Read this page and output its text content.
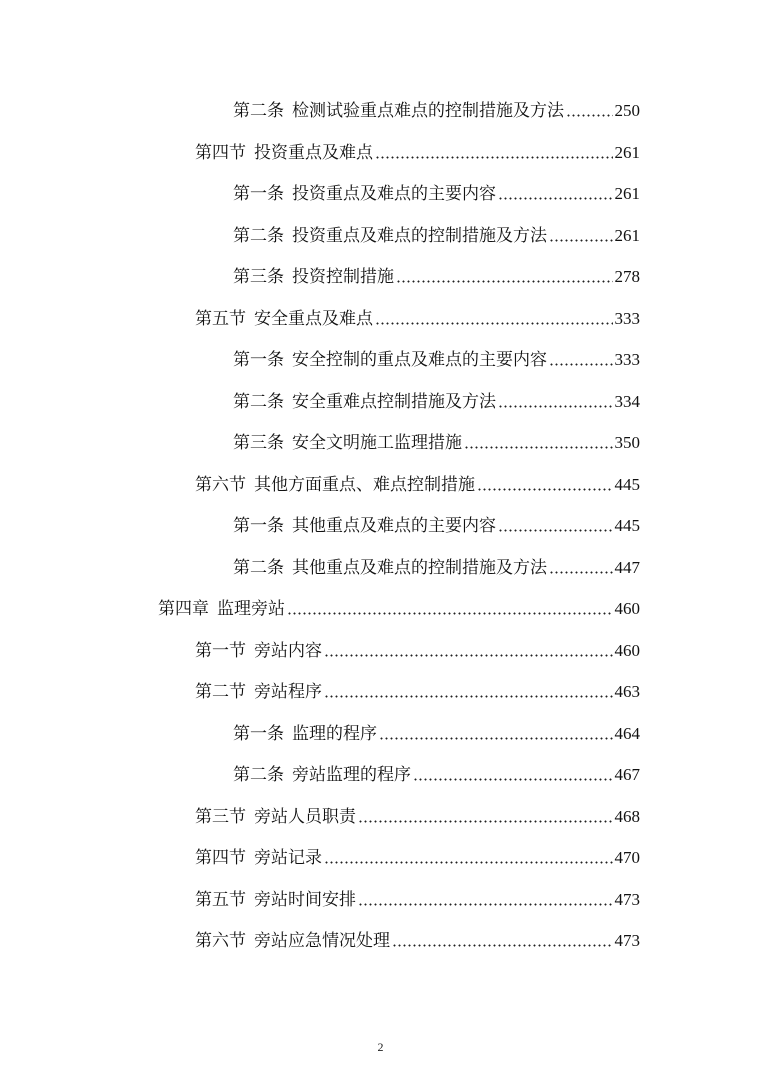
第二条 检测试验重点难点的控制措施及方法	250
第四节 投资重点及难点	261
第一条 投资重点及难点的主要内容	261
第二条 投资重点及难点的控制措施及方法	261
第三条 投资控制措施	278
第五节 安全重点及难点	333
第一条 安全控制的重点及难点的主要内容	333
第二条 安全重难点控制措施及方法	334
第三条 安全文明施工监理措施	350
第六节 其他方面重点、难点控制措施	445
第一条 其他重点及难点的主要内容	445
第二条 其他重点及难点的控制措施及方法	447
第四章 监理旁站	460
第一节 旁站内容	460
第二节 旁站程序	463
第一条 监理的程序	464
第二条 旁站监理的程序	467
第三节 旁站人员职责	468
第四节 旁站记录	470
第五节 旁站时间安排	473
第六节 旁站应急情况处理	473
2
